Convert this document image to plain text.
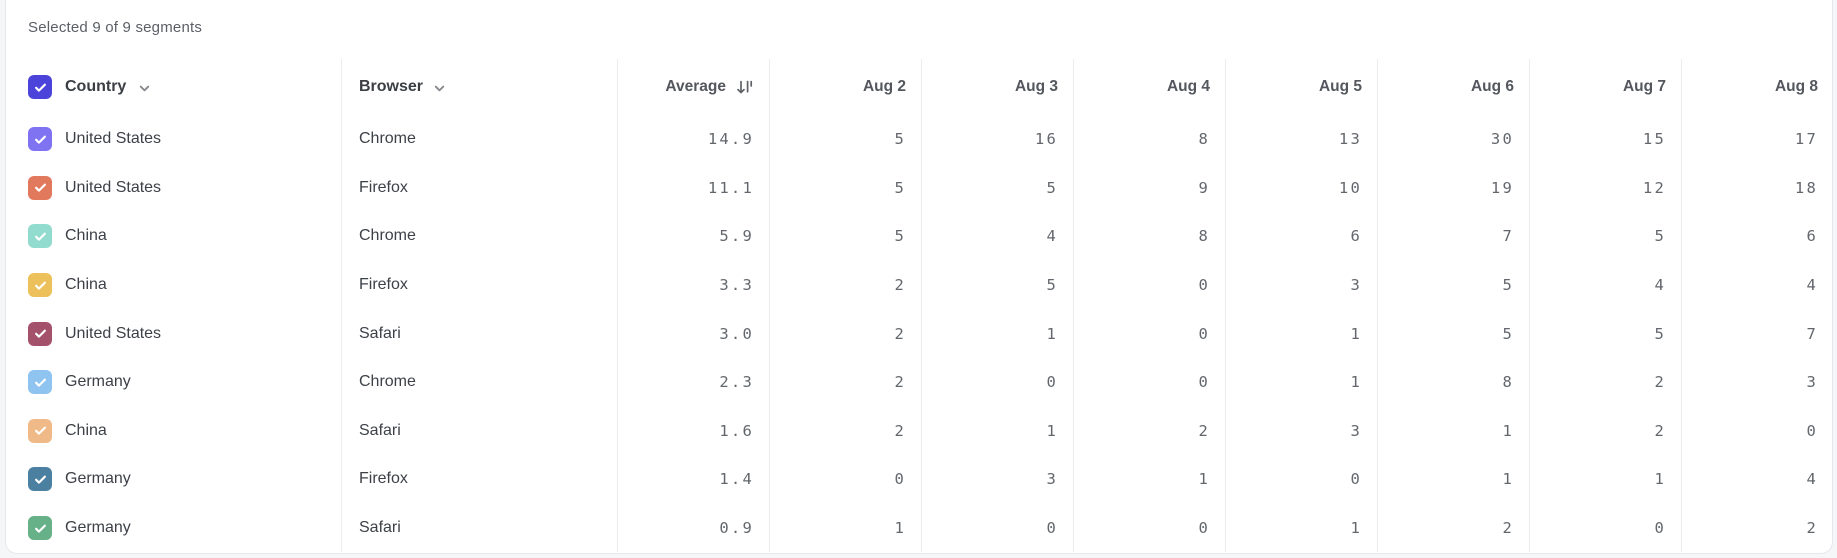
Selected 9 of 9 segments
Country	Browser	Average	Aug 2	Aug 3	Aug 4	Aug 5	Aug 6	Aug 7	Aug 8
United States	Chrome	14.9	5	16	8	13	30	15	17
United States	Firefox	11.1	5	5	9	10	19	12	18
China	Chrome	5.9	5	4	8	6	7	5	6
China	Firefox	3.3	2	5	0	3	5	4	4
United States	Safari	3.0	2	1	0	1	5	5	7
Germany	Chrome	2.3	2	0	0	1	8	2	3
China	Safari	1.6	2	1	2	3	1	2	0
Germany	Firefox	1.4	0	3	1	0	1	1	4
Germany	Safari	0.9	1	0	0	1	2	0	2
